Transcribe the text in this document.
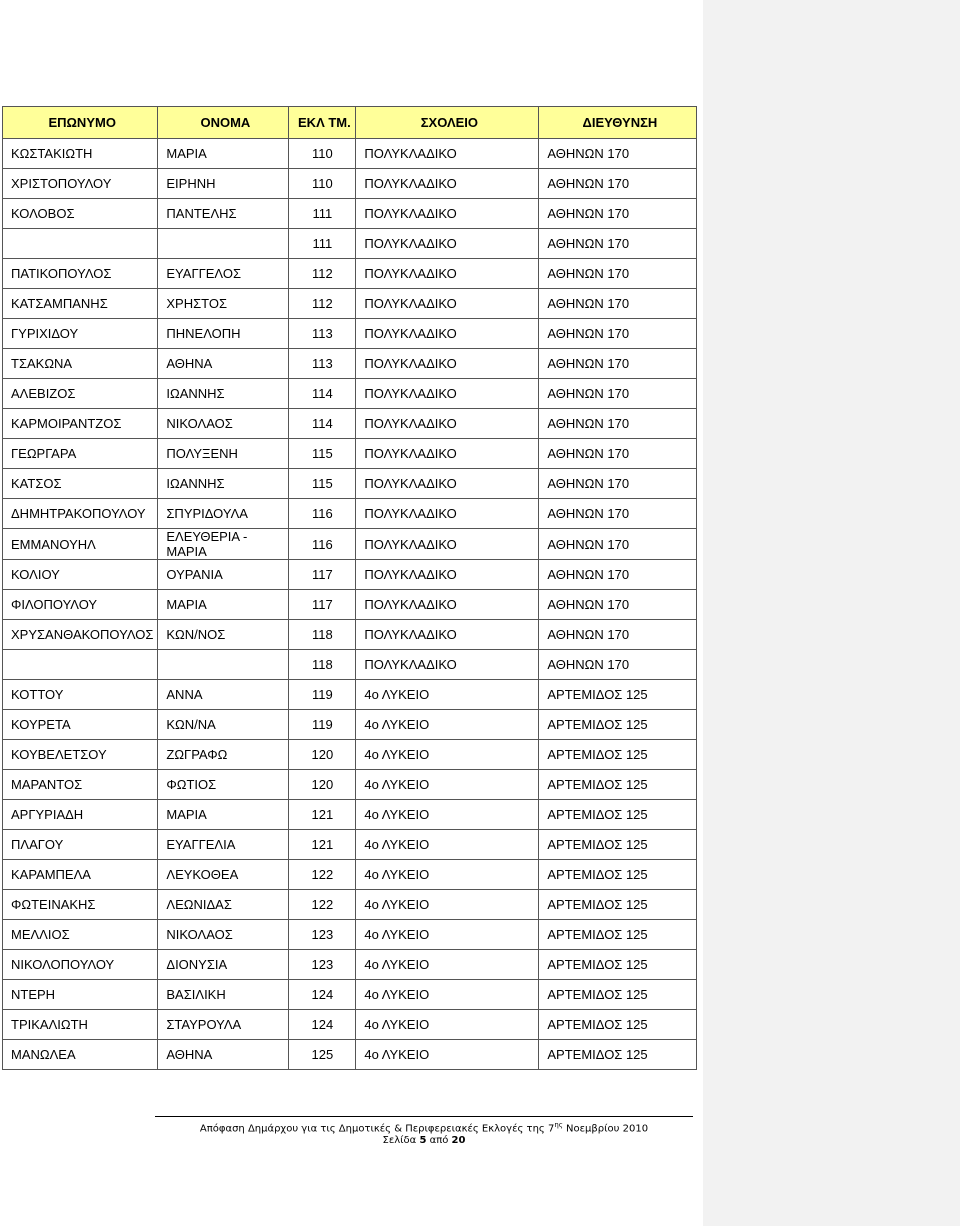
ΕΠΩΝΥΜΟ	ΟΝΟΜΑ	ΕΚΛ ΤΜ.	ΣΧΟΛΕΙΟ	ΔΙΕΥΘΥΝΣΗ
ΚΩΣΤΑΚΙΩΤΗ	ΜΑΡΙΑ	110	ΠΟΛΥΚΛΑΔΙΚΟ	ΑΘΗΝΩΝ 170
ΧΡΙΣΤΟΠΟΥΛΟΥ	ΕΙΡΗΝΗ	110	ΠΟΛΥΚΛΑΔΙΚΟ	ΑΘΗΝΩΝ 170
ΚΟΛΟΒΟΣ	ΠΑΝΤΕΛΗΣ	111	ΠΟΛΥΚΛΑΔΙΚΟ	ΑΘΗΝΩΝ 170
		111	ΠΟΛΥΚΛΑΔΙΚΟ	ΑΘΗΝΩΝ 170
ΠΑΤΙΚΟΠΟΥΛΟΣ	ΕΥΑΓΓΕΛΟΣ	112	ΠΟΛΥΚΛΑΔΙΚΟ	ΑΘΗΝΩΝ 170
ΚΑΤΣΑΜΠΑΝΗΣ	ΧΡΗΣΤΟΣ	112	ΠΟΛΥΚΛΑΔΙΚΟ	ΑΘΗΝΩΝ 170
ΓΥΡΙΧΙΔΟΥ	ΠΗΝΕΛΟΠΗ	113	ΠΟΛΥΚΛΑΔΙΚΟ	ΑΘΗΝΩΝ 170
ΤΣΑΚΩΝΑ	ΑΘΗΝΑ	113	ΠΟΛΥΚΛΑΔΙΚΟ	ΑΘΗΝΩΝ 170
ΑΛΕΒΙΖΟΣ	ΙΩΑΝΝΗΣ	114	ΠΟΛΥΚΛΑΔΙΚΟ	ΑΘΗΝΩΝ 170
ΚΑΡΜΟΙΡΑΝΤΖΟΣ	ΝΙΚΟΛΑΟΣ	114	ΠΟΛΥΚΛΑΔΙΚΟ	ΑΘΗΝΩΝ 170
ΓΕΩΡΓΑΡΑ	ΠΟΛΥΞΕΝΗ	115	ΠΟΛΥΚΛΑΔΙΚΟ	ΑΘΗΝΩΝ 170
ΚΑΤΣΟΣ	ΙΩΑΝΝΗΣ	115	ΠΟΛΥΚΛΑΔΙΚΟ	ΑΘΗΝΩΝ 170
ΔΗΜΗΤΡΑΚΟΠΟΥΛΟΥ	ΣΠΥΡΙΔΟΥΛΑ	116	ΠΟΛΥΚΛΑΔΙΚΟ	ΑΘΗΝΩΝ 170
ΕΜΜΑΝΟΥΗΛ	ΕΛΕΥΘΕΡΙΑ - ΜΑΡΙΑ	116	ΠΟΛΥΚΛΑΔΙΚΟ	ΑΘΗΝΩΝ 170
ΚΟΛΙΟΥ	ΟΥΡΑΝΙΑ	117	ΠΟΛΥΚΛΑΔΙΚΟ	ΑΘΗΝΩΝ 170
ΦΙΛΟΠΟΥΛΟΥ	ΜΑΡΙΑ	117	ΠΟΛΥΚΛΑΔΙΚΟ	ΑΘΗΝΩΝ 170
ΧΡΥΣΑΝΘΑΚΟΠΟΥΛΟΣ	ΚΩΝ/ΝΟΣ	118	ΠΟΛΥΚΛΑΔΙΚΟ	ΑΘΗΝΩΝ 170
		118	ΠΟΛΥΚΛΑΔΙΚΟ	ΑΘΗΝΩΝ 170
ΚΟΤΤΟΥ	ΑΝΝΑ	119	4ο ΛΥΚΕΙΟ	ΑΡΤΕΜΙΔΟΣ 125
ΚΟΥΡΕΤΑ	ΚΩΝ/ΝΑ	119	4ο ΛΥΚΕΙΟ	ΑΡΤΕΜΙΔΟΣ 125
ΚΟΥΒΕΛΕΤΣΟΥ	ΖΩΓΡΑΦΩ	120	4ο ΛΥΚΕΙΟ	ΑΡΤΕΜΙΔΟΣ 125
ΜΑΡΑΝΤΟΣ	ΦΩΤΙΟΣ	120	4ο ΛΥΚΕΙΟ	ΑΡΤΕΜΙΔΟΣ 125
ΑΡΓΥΡΙΑΔΗ	ΜΑΡΙΑ	121	4ο ΛΥΚΕΙΟ	ΑΡΤΕΜΙΔΟΣ 125
ΠΛΑΓΟΥ	ΕΥΑΓΓΕΛΙΑ	121	4ο ΛΥΚΕΙΟ	ΑΡΤΕΜΙΔΟΣ 125
ΚΑΡΑΜΠΕΛΑ	ΛΕΥΚΟΘΕΑ	122	4ο ΛΥΚΕΙΟ	ΑΡΤΕΜΙΔΟΣ 125
ΦΩΤΕΙΝΑΚΗΣ	ΛΕΩΝΙΔΑΣ	122	4ο ΛΥΚΕΙΟ	ΑΡΤΕΜΙΔΟΣ 125
ΜΕΛΛΙΟΣ	ΝΙΚΟΛΑΟΣ	123	4ο ΛΥΚΕΙΟ	ΑΡΤΕΜΙΔΟΣ 125
ΝΙΚΟΛΟΠΟΥΛΟΥ	ΔΙΟΝΥΣΙΑ	123	4ο ΛΥΚΕΙΟ	ΑΡΤΕΜΙΔΟΣ 125
ΝΤΕΡΗ	ΒΑΣΙΛΙΚΗ	124	4ο ΛΥΚΕΙΟ	ΑΡΤΕΜΙΔΟΣ 125
ΤΡΙΚΑΛΙΩΤΗ	ΣΤΑΥΡΟΥΛΑ	124	4ο ΛΥΚΕΙΟ	ΑΡΤΕΜΙΔΟΣ 125
ΜΑΝΩΛΕΑ	ΑΘΗΝΑ	125	4ο ΛΥΚΕΙΟ	ΑΡΤΕΜΙΔΟΣ 125
Απόφαση Δημάρχου για τις Δημοτικές & Περιφερειακές Εκλογές της $7^{\eta\varsigma}$ Νοεμβρίου 2010
Σελίδα 5 από 20
